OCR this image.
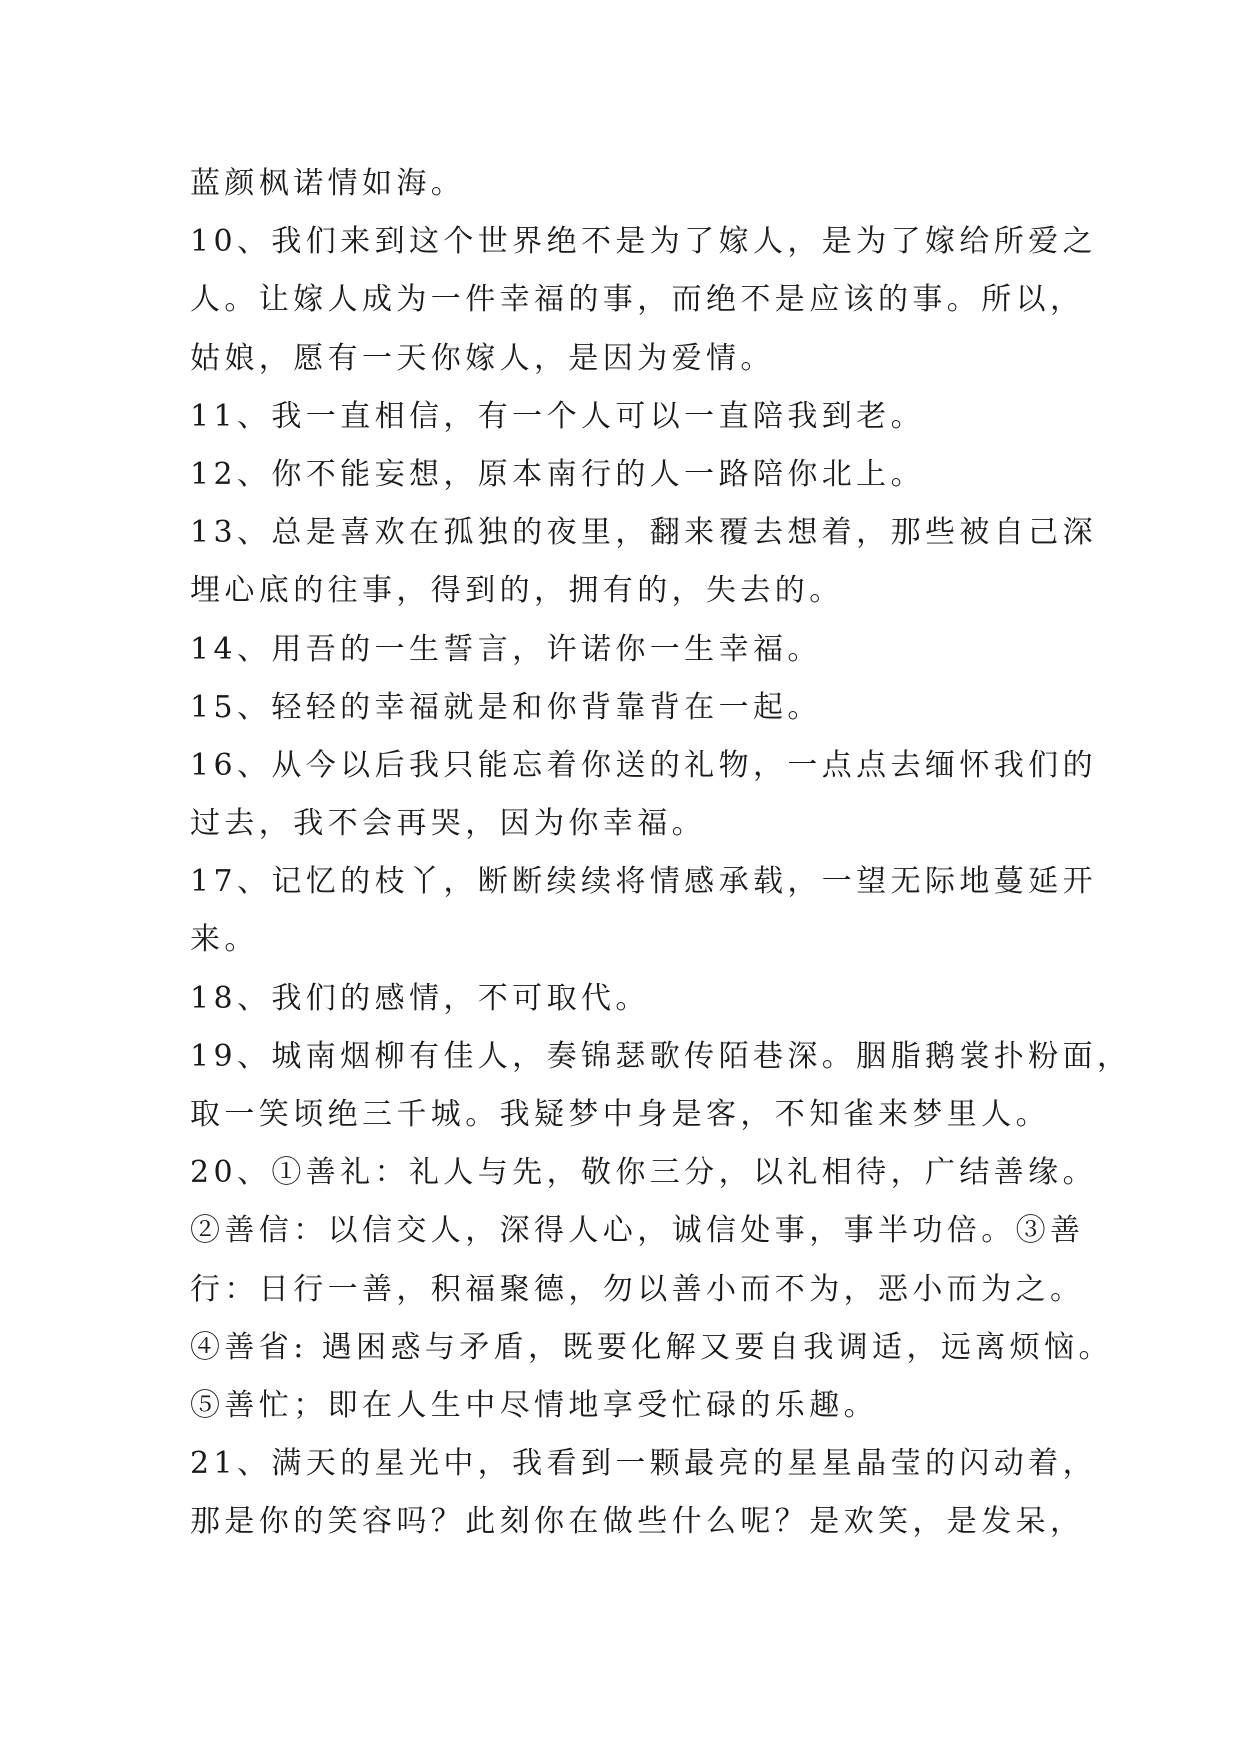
蓝颜枫诺情如海。
10、我们来到这个世界绝不是为了嫁人，是为了嫁给所爱之
人。让嫁人成为一件幸福的事，而绝不是应该的事。所以，
姑娘，愿有一天你嫁人，是因为爱情。
11、我一直相信，有一个人可以一直陪我到老。
12、你不能妄想，原本南行的人一路陪你北上。
13、总是喜欢在孤独的夜里，翻来覆去想着，那些被自己深
埋心底的往事，得到的，拥有的，失去的。
14、用吾的一生誓言，许诺你一生幸福。
15、轻轻的幸福就是和你背靠背在一起。
16、从今以后我只能忘着你送的礼物，一点点去缅怀我们的
过去，我不会再哭，因为你幸福。
17、记忆的枝丫，断断续续将情感承载，一望无际地蔓延开
来。
18、我们的感情，不可取代。
19、城南烟柳有佳人，奏锦瑟歌传陌巷深。胭脂鹅裳扑粉面，
取一笑顷绝三千城。我疑梦中身是客，不知雀来梦里人。
20、①善礼：礼人与先，敬你三分，以礼相待，广结善缘。
②善信：以信交人，深得人心，诚信处事，事半功倍。③善
行：日行一善，积福聚德，勿以善小而不为，恶小而为之。
④善省: 遇困惑与矛盾，既要化解又要自我调适，远离烦恼。
⑤善忙；即在人生中尽情地享受忙碌的乐趣。
21、满天的星光中，我看到一颗最亮的星星晶莹的闪动着，
那是你的笑容吗？此刻你在做些什么呢？是欢笑，是发呆，
